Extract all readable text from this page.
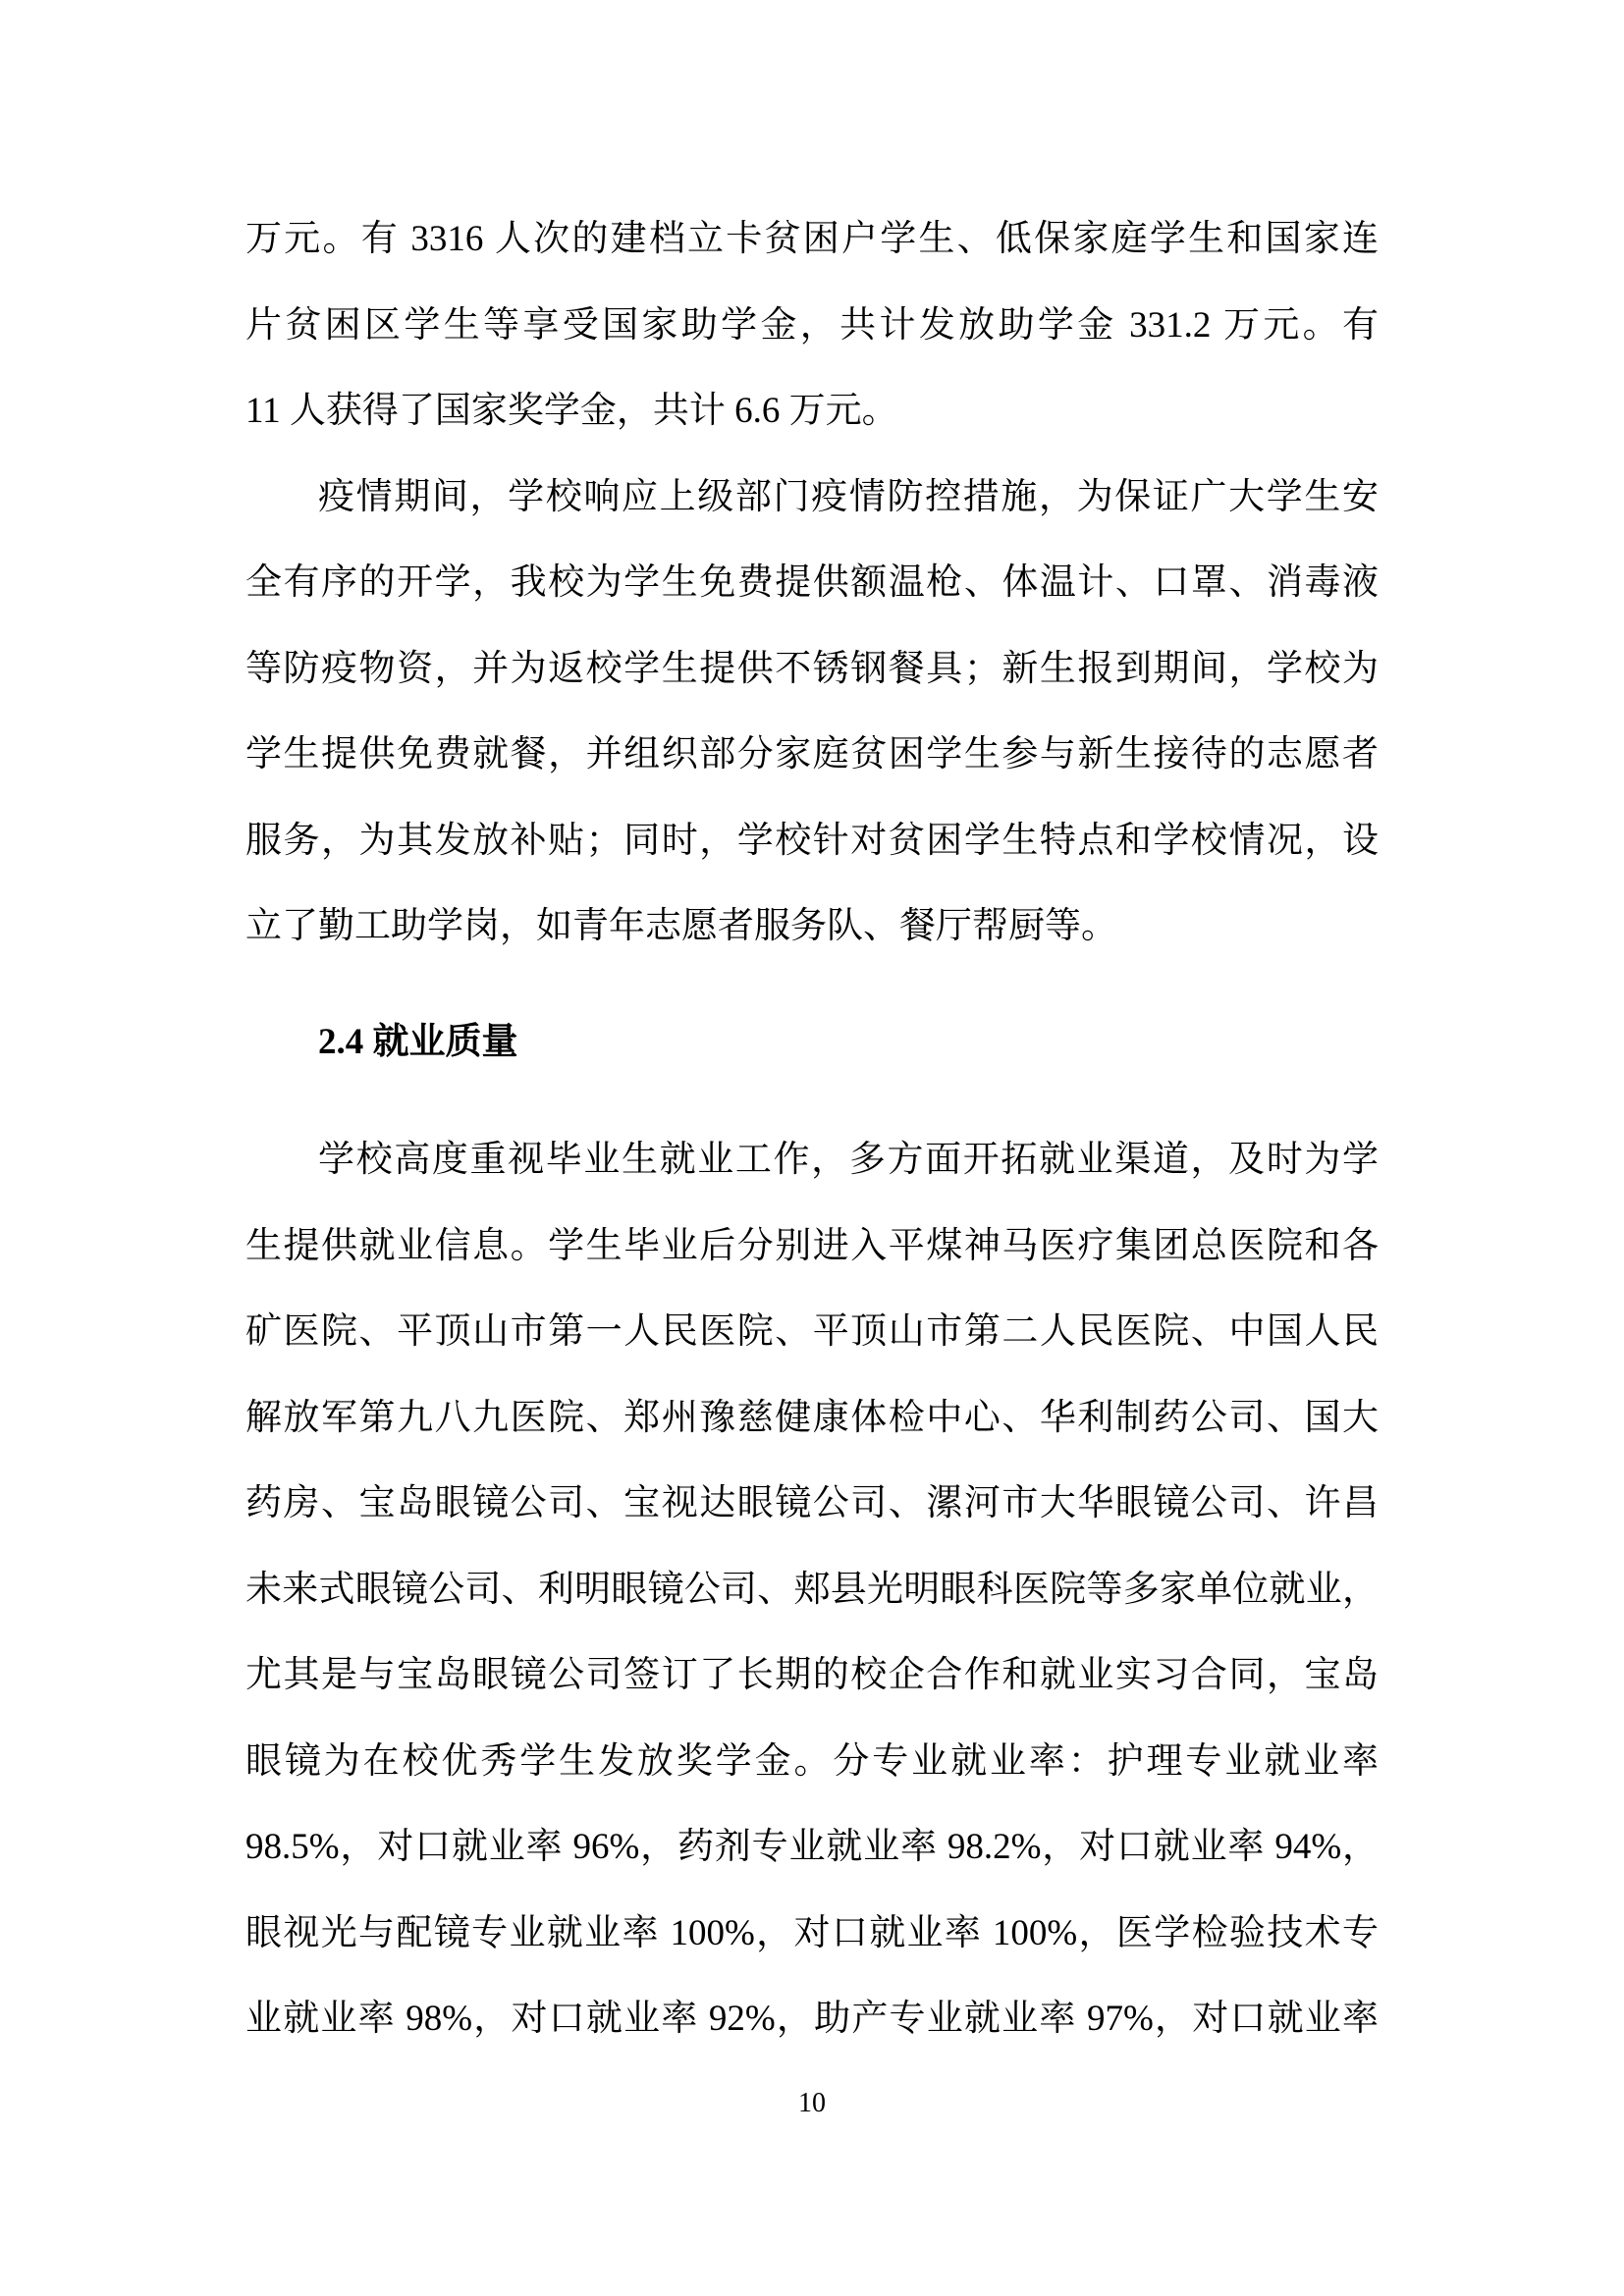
万元。有 3316 人次的建档立卡贫困户学生、低保家庭学生和国家连
片贫困区学生等享受国家助学金，共计发放助学金 331.2 万元。有
11 人获得了国家奖学金，共计 6.6 万元。
疫情期间，学校响应上级部门疫情防控措施，为保证广大学生安
全有序的开学，我校为学生免费提供额温枪、体温计、口罩、消毒液
等防疫物资，并为返校学生提供不锈钢餐具；新生报到期间，学校为
学生提供免费就餐，并组织部分家庭贫困学生参与新生接待的志愿者
服务，为其发放补贴；同时，学校针对贫困学生特点和学校情况，设
立了勤工助学岗，如青年志愿者服务队、餐厅帮厨等。
2.4 就业质量
学校高度重视毕业生就业工作，多方面开拓就业渠道，及时为学
生提供就业信息。学生毕业后分别进入平煤神马医疗集团总医院和各
矿医院、平顶山市第一人民医院、平顶山市第二人民医院、中国人民
解放军第九八九医院、郑州豫慈健康体检中心、华利制药公司、国大
药房、宝岛眼镜公司、宝视达眼镜公司、漯河市大华眼镜公司、许昌
未来式眼镜公司、利明眼镜公司、郏县光明眼科医院等多家单位就业，
尤其是与宝岛眼镜公司签订了长期的校企合作和就业实习合同，宝岛
眼镜为在校优秀学生发放奖学金。分专业就业率：护理专业就业率
98.5%，对口就业率 96%，药剂专业就业率 98.2%，对口就业率 94%，
眼视光与配镜专业就业率 100%，对口就业率 100%，医学检验技术专
业就业率 98%，对口就业率 92%，助产专业就业率 97%，对口就业率
10
